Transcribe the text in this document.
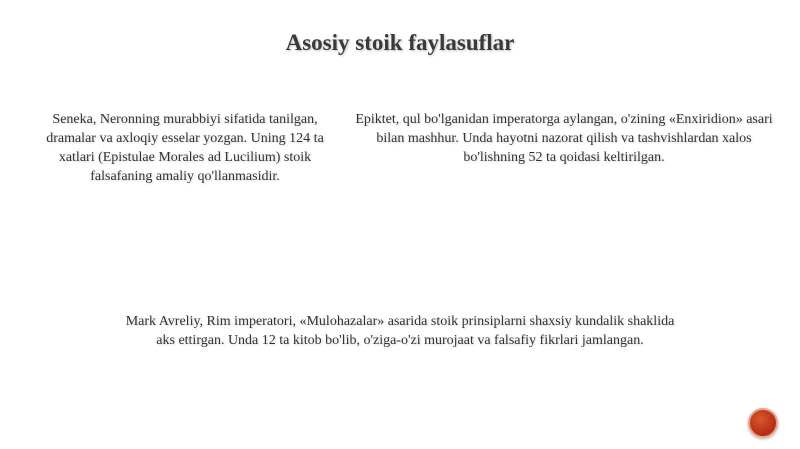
Asosiy stoik faylasuflar
Seneka, Neronning murabbiyi sifatida tanilgan, dramalar va axloqiy esselar yozgan. Uning 124 ta xatlari (Epistulae Morales ad Lucilium) stoik falsafaning amaliy qo'llanmasidir.
Epiktet, qul bo'lganidan imperatorga aylangan, o'zining «Enxiridion» asari bilan mashhur. Unda hayotni nazorat qilish va tashvishlardan xalos bo'lishning 52 ta qoidasi keltirilgan.
Mark Avreliy, Rim imperatori, «Mulohazalar» asarida stoik prinsiplarni shaxsiy kundalik shaklida aks ettirgan. Unda 12 ta kitob bo'lib, o'ziga-o'zi murojaat va falsafiy fikrlari jamlangan.
